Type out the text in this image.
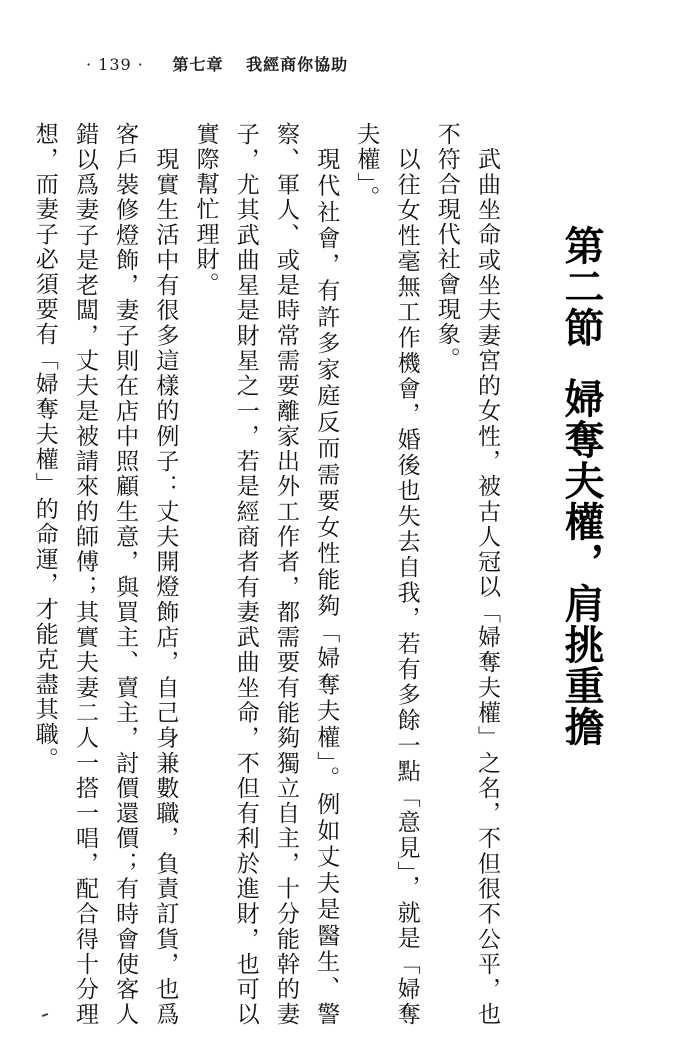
· 139 · 第七章 我經商你協助
第二節婦奪夫權，肩挑重擔

武曲坐命或坐夫妻宮的女性，被古人冠以「婦奪夫權」之名，不但很不公平，也不符合現代社會現象。

以往女性毫無工作機會，婚後也失去自我，若有多餘一點「意見」，就是「婦奪夫權」。

現代社會，有許多家庭反而需要女性能夠「婦奪夫權」。例如丈夫是醫生、警察、軍人、或是時常需要離家出外工作者，都需要有能夠獨立自主，十分能幹的妻子，尤其武曲星是財星之一，若是經商者有妻武曲坐命，不但有利於進財，也可以實際幫忙理財。

現實生活中有很多這樣的例子：丈夫開燈飾店，自己身兼數職，負責訂貨，也爲客戶裝修燈飾，妻子則在店中照顧生意，與買主、賣主，討價還價；有時會使客人錯以爲妻子是老闆，丈夫是被請來的師傅；其實夫妻二人一搭一唱，配合得十分理想，而妻子必須要有「婦奪夫權」的命運，才能克盡其職。
